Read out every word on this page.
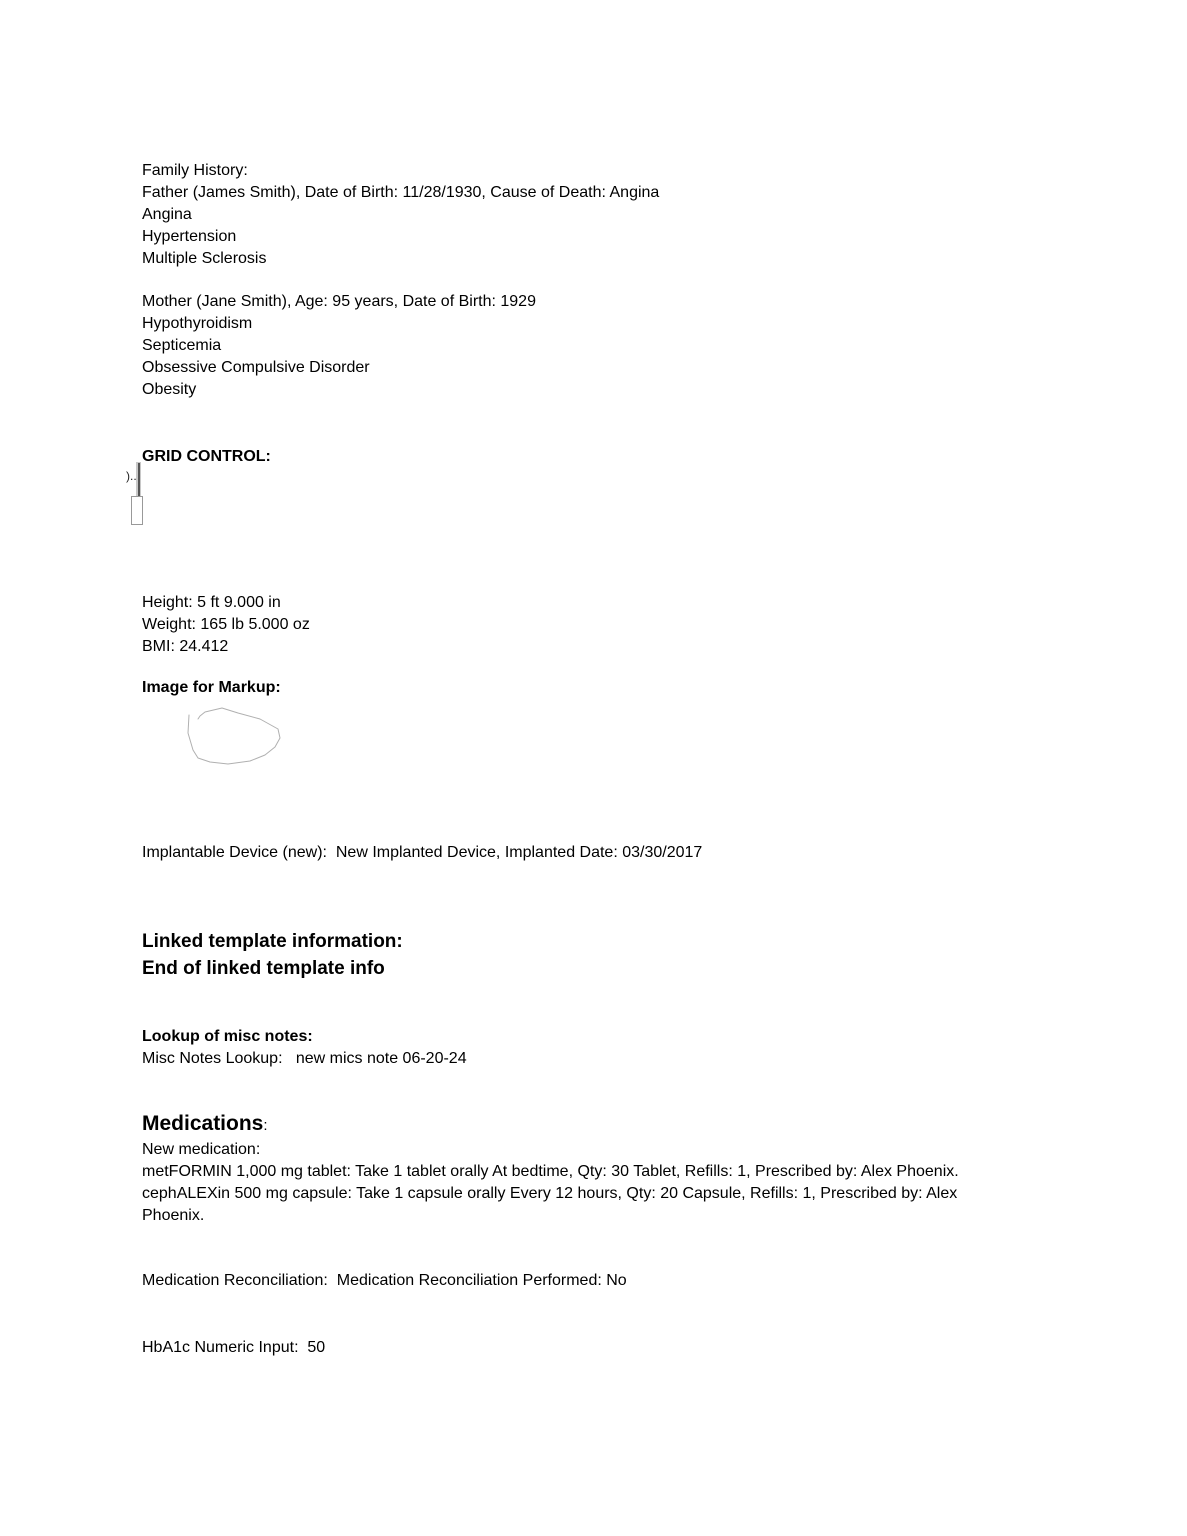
Family History:
Father (James Smith), Date of Birth: 11/28/1930, Cause of Death: Angina
Angina
Hypertension
Multiple Sclerosis
Mother (Jane Smith), Age: 95 years, Date of Birth: 1929
Hypothyroidism
Septicemia
Obsessive Compulsive Disorder
Obesity
GRID CONTROL:
)..
Height: 5 ft 9.000 in
Weight: 165 lb 5.000 oz
BMI: 24.412
Image for Markup:
Implantable Device (new):  New Implanted Device, Implanted Date: 03/30/2017
Linked template information:
End of linked template info
Lookup of misc notes:
Misc Notes Lookup:   new mics note 06-20-24
Medications:
New medication:
metFORMIN 1,000 mg tablet: Take 1 tablet orally At bedtime, Qty: 30 Tablet, Refills: 1, Prescribed by: Alex Phoenix.
cephALEXin 500 mg capsule: Take 1 capsule orally Every 12 hours, Qty: 20 Capsule, Refills: 1, Prescribed by: Alex
Phoenix.
Medication Reconciliation:  Medication Reconciliation Performed: No
HbA1c Numeric Input:  50
